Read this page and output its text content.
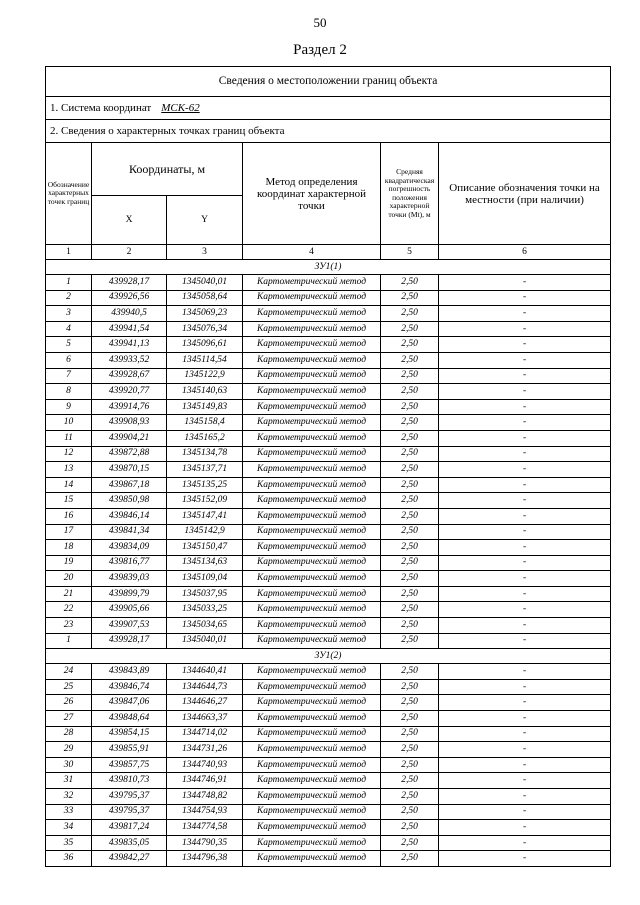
50
Раздел 2
Сведения о местоположении границ объекта					
1. Система координат МСК-62					
2. Сведения о характерных точках границ объекта					
Обозначение характерных точек границ	Координаты, м		Метод определения координат характерной точки	Средняя квадратическая погрешность положения характерной точки (Mt), м	Описание обозначения точки на местности (при наличии)
	X	Y			
1	2	3	4	5	6
ЗУ1(1)					
1	439928,17	1345040,01	Картометрический метод	2,50	-
2	439926,56	1345058,64	Картометрический метод	2,50	-
3	439940,5	1345069,23	Картометрический метод	2,50	-
4	439941,54	1345076,34	Картометрический метод	2,50	-
5	439941,13	1345096,61	Картометрический метод	2,50	-
6	439933,52	1345114,54	Картометрический метод	2,50	-
7	439928,67	1345122,9	Картометрический метод	2,50	-
8	439920,77	1345140,63	Картометрический метод	2,50	-
9	439914,76	1345149,83	Картометрический метод	2,50	-
10	439908,93	1345158,4	Картометрический метод	2,50	-
11	439904,21	1345165,2	Картометрический метод	2,50	-
12	439872,88	1345134,78	Картометрический метод	2,50	-
13	439870,15	1345137,71	Картометрический метод	2,50	-
14	439867,18	1345135,25	Картометрический метод	2,50	-
15	439850,98	1345152,09	Картометрический метод	2,50	-
16	439846,14	1345147,41	Картометрический метод	2,50	-
17	439841,34	1345142,9	Картометрический метод	2,50	-
18	439834,09	1345150,47	Картометрический метод	2,50	-
19	439816,77	1345134,63	Картометрический метод	2,50	-
20	439839,03	1345109,04	Картометрический метод	2,50	-
21	439899,79	1345037,95	Картометрический метод	2,50	-
22	439905,66	1345033,25	Картометрический метод	2,50	-
23	439907,53	1345034,65	Картометрический метод	2,50	-
1	439928,17	1345040,01	Картометрический метод	2,50	-
ЗУ1(2)					
24	439843,89	1344640,41	Картометрический метод	2,50	-
25	439846,74	1344644,73	Картометрический метод	2,50	-
26	439847,06	1344646,27	Картометрический метод	2,50	-
27	439848,64	1344663,37	Картометрический метод	2,50	-
28	439854,15	1344714,02	Картометрический метод	2,50	-
29	439855,91	1344731,26	Картометрический метод	2,50	-
30	439857,75	1344740,93	Картометрический метод	2,50	-
31	439810,73	1344746,91	Картометрический метод	2,50	-
32	439795,37	1344748,82	Картометрический метод	2,50	-
33	439795,37	1344754,93	Картометрический метод	2,50	-
34	439817,24	1344774,58	Картометрический метод	2,50	-
35	439835,05	1344790,35	Картометрический метод	2,50	-
36	439842,27	1344796,38	Картометрический метод	2,50	-
